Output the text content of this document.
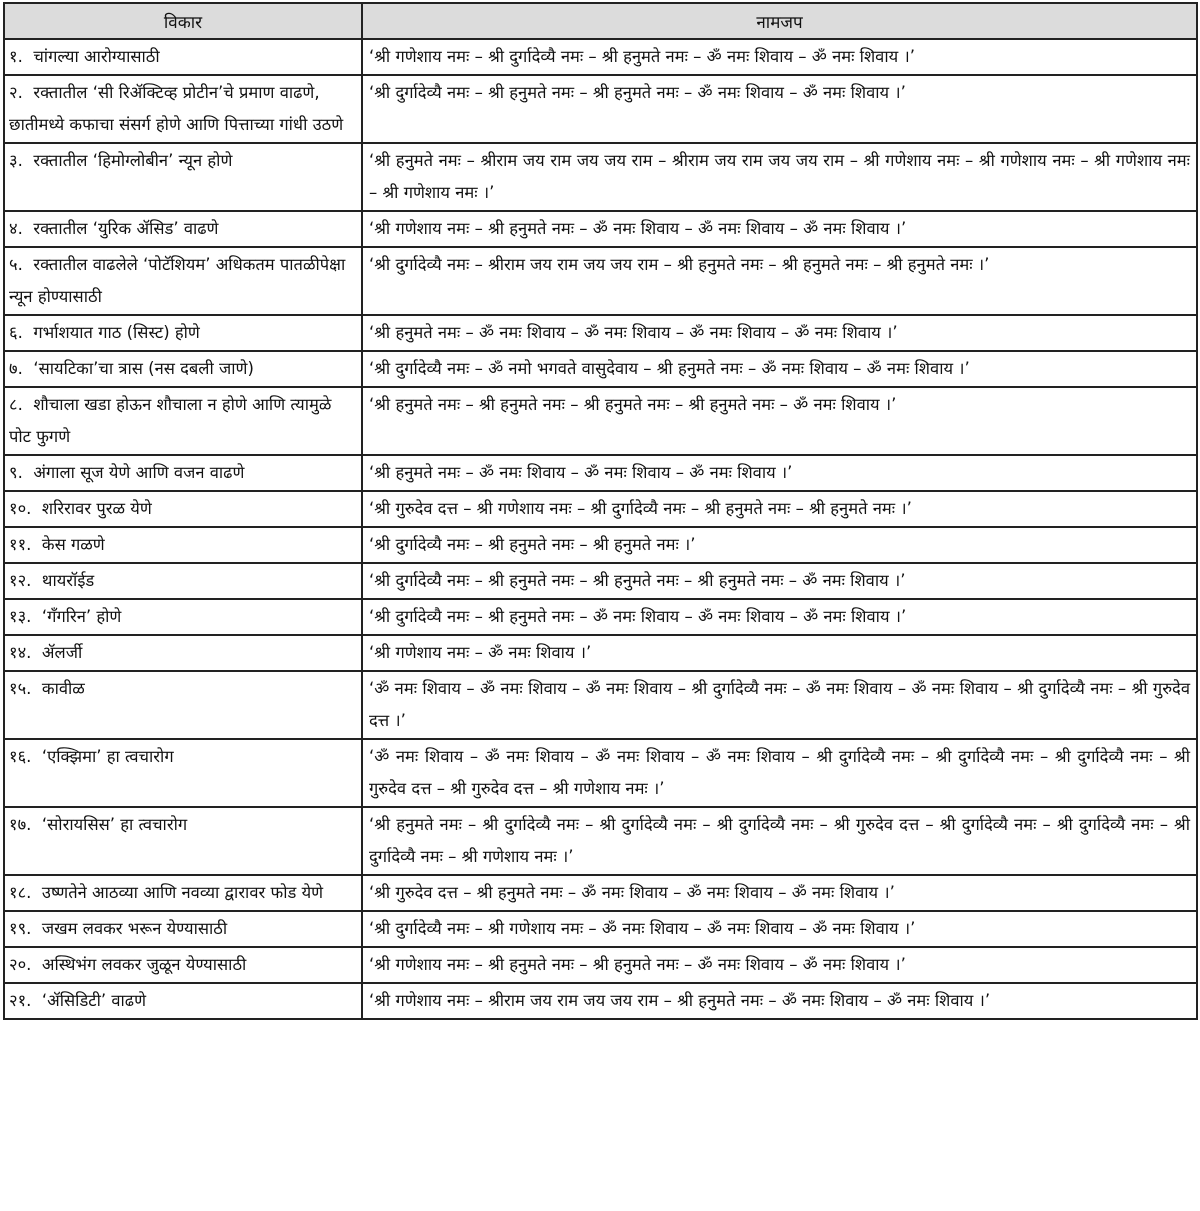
विकार	नामजप
१. चांगल्या आरोग्यासाठी	‘श्री गणेशाय नमः – श्री दुर्गादेव्यै नमः – श्री हनुमते नमः – ॐ नमः शिवाय – ॐ नमः शिवाय ।’
२. रक्तातील ‘सी रिॲक्टिव्ह प्रोटीन’चे प्रमाण वाढणे, छातीमध्ये कफाचा संसर्ग होणे आणि पित्ताच्या गांधी उठणे	‘श्री दुर्गादेव्यै नमः – श्री हनुमते नमः – श्री हनुमते नमः – ॐ नमः शिवाय – ॐ नमः शिवाय ।’
३. रक्तातील ‘हिमोग्लोबीन’ न्यून होणे	‘श्री हनुमते नमः – श्रीराम जय राम जय जय राम – श्रीराम जय राम जय जय राम – श्री गणेशाय नमः – श्री गणेशाय नमः – श्री गणेशाय नमः – श्री गणेशाय नमः ।’
४. रक्तातील ‘युरिक ॲसिड’ वाढणे	‘श्री गणेशाय नमः – श्री हनुमते नमः – ॐ नमः शिवाय – ॐ नमः शिवाय – ॐ नमः शिवाय ।’
५. रक्तातील वाढलेले ‘पोटॅशियम’ अधिकतम पातळीपेक्षा न्यून होण्यासाठी	‘श्री दुर्गादेव्यै नमः – श्रीराम जय राम जय जय राम – श्री हनुमते नमः – श्री हनुमते नमः – श्री हनुमते नमः ।’
६. गर्भाशयात गाठ (सिस्ट) होणे	‘श्री हनुमते नमः – ॐ नमः शिवाय – ॐ नमः शिवाय – ॐ नमः शिवाय – ॐ नमः शिवाय ।’
७. ‘सायटिका’चा त्रास (नस दबली जाणे)	‘श्री दुर्गादेव्यै नमः – ॐ नमो भगवते वासुदेवाय – श्री हनुमते नमः – ॐ नमः शिवाय – ॐ नमः शिवाय ।’
८. शौचाला खडा होऊन शौचाला न होणे आणि त्यामुळे पोट फुगणे	‘श्री हनुमते नमः – श्री हनुमते नमः – श्री हनुमते नमः – श्री हनुमते नमः – ॐ नमः शिवाय ।’
९. अंगाला सूज येणे आणि वजन वाढणे	‘श्री हनुमते नमः – ॐ नमः शिवाय – ॐ नमः शिवाय – ॐ नमः शिवाय ।’
१०. शरिरावर पुरळ येणे	‘श्री गुरुदेव दत्त – श्री गणेशाय नमः – श्री दुर्गादेव्यै नमः – श्री हनुमते नमः – श्री हनुमते नमः ।’
११. केस गळणे	‘श्री दुर्गादेव्यै नमः – श्री हनुमते नमः – श्री हनुमते नमः ।’
१२. थायरॉईड	‘श्री दुर्गादेव्यै नमः – श्री हनुमते नमः – श्री हनुमते नमः – श्री हनुमते नमः – ॐ नमः शिवाय ।’
१३. ‘गँगरिन’ होणे	‘श्री दुर्गादेव्यै नमः – श्री हनुमते नमः – ॐ नमः शिवाय – ॐ नमः शिवाय – ॐ नमः शिवाय ।’
१४. ॲलर्जी	‘श्री गणेशाय नमः – ॐ नमः शिवाय ।’
१५. कावीळ	‘ॐ नमः शिवाय – ॐ नमः शिवाय – ॐ नमः शिवाय – श्री दुर्गादेव्यै नमः – ॐ नमः शिवाय – ॐ नमः शिवाय – श्री दुर्गादेव्यै नमः – श्री गुरुदेव दत्त ।’
१६. ‘एक्झिमा’ हा त्वचारोग	‘ॐ नमः शिवाय – ॐ नमः शिवाय – ॐ नमः शिवाय – ॐ नमः शिवाय – श्री दुर्गादेव्यै नमः – श्री दुर्गादेव्यै नमः – श्री दुर्गादेव्यै नमः – श्री गुरुदेव दत्त – श्री गुरुदेव दत्त – श्री गणेशाय नमः ।’
१७. ‘सोरायसिस’ हा त्वचारोग	‘श्री हनुमते नमः – श्री दुर्गादेव्यै नमः – श्री दुर्गादेव्यै नमः – श्री दुर्गादेव्यै नमः – श्री गुरुदेव दत्त – श्री दुर्गादेव्यै नमः – श्री दुर्गादेव्यै नमः – श्री दुर्गादेव्यै नमः – श्री गणेशाय नमः ।’
१८. उष्णतेने आठव्या आणि नवव्या द्वारावर फोड येणे	‘श्री गुरुदेव दत्त – श्री हनुमते नमः – ॐ नमः शिवाय – ॐ नमः शिवाय – ॐ नमः शिवाय ।’
१९. जखम लवकर भरून येण्यासाठी	‘श्री दुर्गादेव्यै नमः – श्री गणेशाय नमः – ॐ नमः शिवाय – ॐ नमः शिवाय – ॐ नमः शिवाय ।’
२०. अस्थिभंग लवकर जुळून येण्यासाठी	‘श्री गणेशाय नमः – श्री हनुमते नमः – श्री हनुमते नमः – ॐ नमः शिवाय – ॐ नमः शिवाय ।’
२१. ‘ॲसिडिटी’ वाढणे	‘श्री गणेशाय नमः – श्रीराम जय राम जय जय राम – श्री हनुमते नमः – ॐ नमः शिवाय – ॐ नमः शिवाय ।’
